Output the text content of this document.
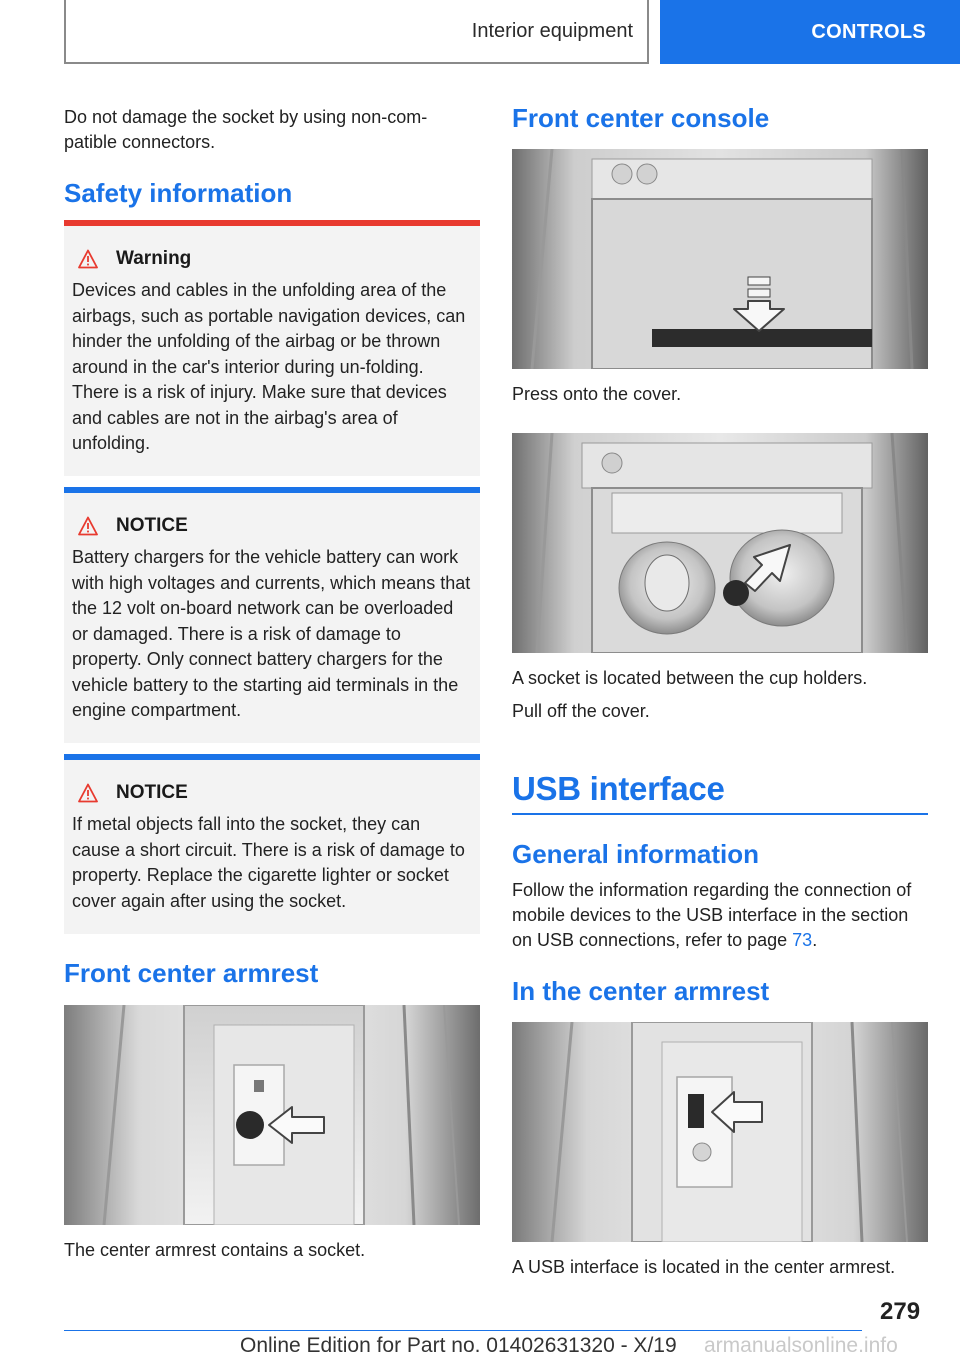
Interior equipment	CONTROLS

Do not damage the socket by using non-com-patible connectors.

Safety information
Warning

Devices and cables in the unfolding area of the airbags, such as portable navigation devices, can hinder the unfolding of the airbag or be thrown around in the car's interior during un-folding. There is a risk of injury. Make sure that devices and cables are not in the airbag's area of unfolding.

NOTICE

Battery chargers for the vehicle battery can work with high voltages and currents, which means that the 12 volt on-board network can be overloaded or damaged. There is a risk of damage to property. Only connect battery chargers for the vehicle battery to the starting aid terminals in the engine compartment.

NOTICE

If metal objects fall into the socket, they can cause a short circuit. There is a risk of damage to property. Replace the cigarette lighter or socket cover again after using the socket.

Front center armrest

The center armrest contains a socket.

Front center console

Press onto the cover.

A socket is located between the cup holders.

Pull off the cover.

USB interface
General information

Follow the information regarding the connection of mobile devices to the USB interface in the section on USB connections, refer to page 73.

In the center armrest

A USB interface is located in the center armrest.

279
Online Edition for Part no. 01402631320 - X/19 armanualsonline.info
